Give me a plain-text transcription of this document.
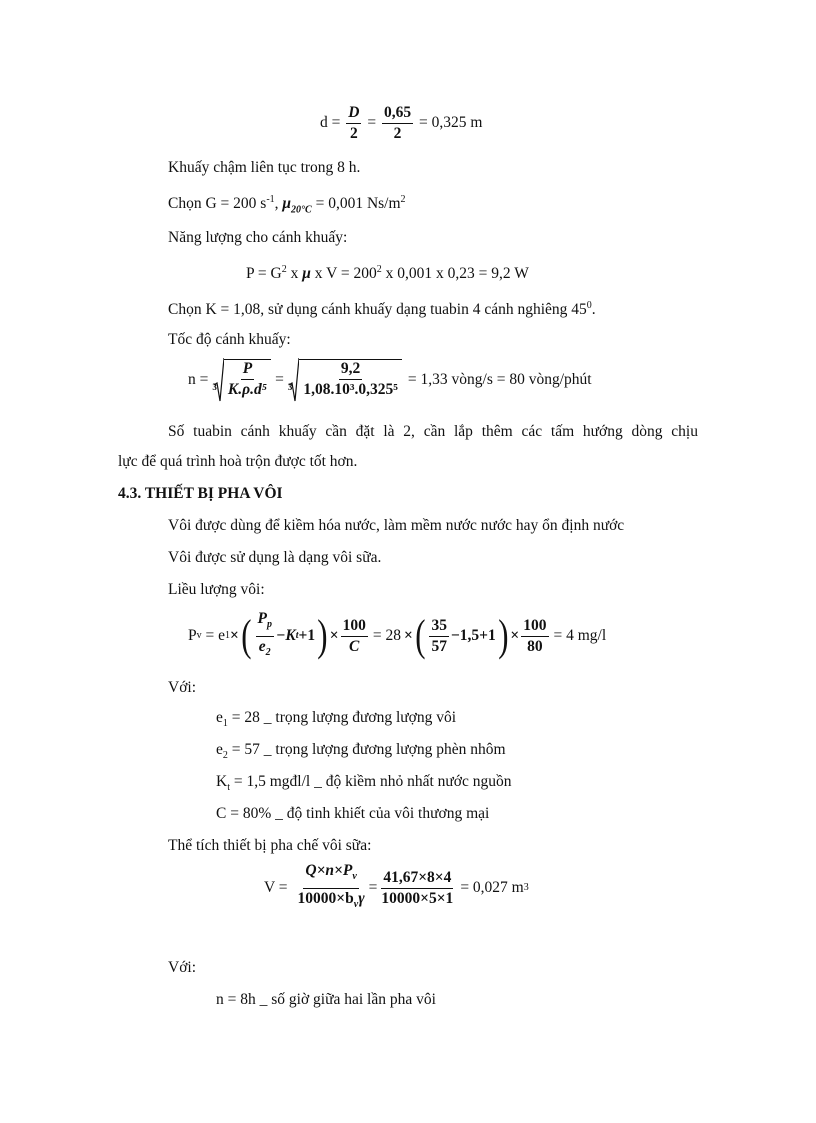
$d = \frac{D}{2} = \frac{0,65}{2} = 0,325$ m
Khuấy chậm liên tục trong 8 h.
Chọn G = 200 $s^{-1}$, $\mu_{20^\circ C} = 0,001$ $Ns/m^2$
Năng lượng cho cánh khuấy:
$P = G^2$ x μ x $V = 200^2$ x 0,001 x 0,23 = 9,2 W
Chọn K = 1,08, sử dụng cánh khuấy dạng tuabin 4 cánh nghiêng $45^0$.
Tốc độ cánh khuấy:
$n = 3 \frac{P}{\text{K.ρ.d⁵}} = 3 \frac{9,2}{\text{1,08.10³.0,325⁵}} = 1,33$ vòng/s = 80 vòng/phút
Số tuabin cánh khuấy cần đặt là 2, cần lắp thêm các tấm hướng dòng chịu
lực để quá trình hoà trộn được tốt hơn.
4.3. THIẾT BỊ PHA VÔI
Vôi được dùng để kiềm hóa nước, làm mềm nước nước hay ổn định nước
Vôi được sử dụng là dạng vôi sữa.
Liều lượng vôi:
P v = e 1 × ( $P_p$
$e_2$
−K t +1 ) × $\frac{100}{C} = 28$ × ( 35
57
−1,5+1 ) × $\frac{100}{80} = 4$ mg/l
Với:
$e_1 = 28$ _ trọng lượng đương lượng vôi
$e_2 = 57$ _ trọng lượng đương lượng phèn nhôm
$K_t = 1,5$ mgđl/l _ độ kiềm nhỏ nhất nước nguồn
C = 80% _ độ tinh khiết của vôi thương mại
Thể tích thiết bị pha chế vôi sữa:
V =
$Q\times n\times P_v$
$10000\times b_v\gamma$
= $\frac{41,67\times 8\times 4}{10000\times 5\times 1} = 0,027$ m 3
Với:
n = 8h _ số giờ giữa hai lần pha vôi
